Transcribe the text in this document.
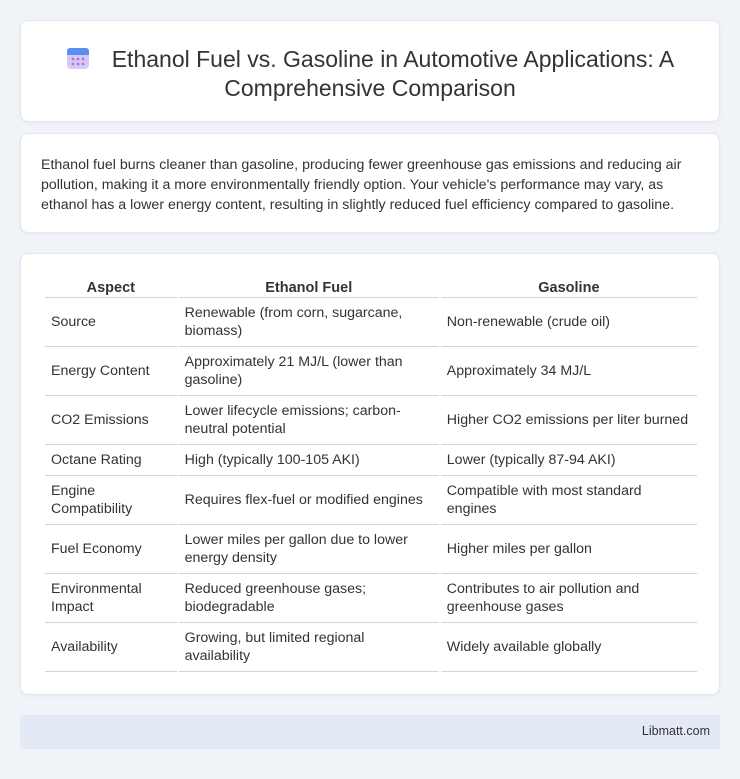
Ethanol Fuel vs. Gasoline in Automotive Applications: A Comprehensive Comparison

Ethanol fuel burns cleaner than gasoline, producing fewer greenhouse gas emissions and reducing air pollution, making it a more environmentally friendly option. Your vehicle's performance may vary, as ethanol has a lower energy content, resulting in slightly reduced fuel efficiency compared to gasoline.

Aspect	Ethanol Fuel	Gasoline
Source	Renewable (from corn, sugarcane, biomass)	Non-renewable (crude oil)
Energy Content	Approximately 21 MJ/L (lower than gasoline)	Approximately 34 MJ/L
CO2 Emissions	Lower lifecycle emissions; carbon-neutral potential	Higher CO2 emissions per liter burned
Octane Rating	High (typically 100-105 AKI)	Lower (typically 87-94 AKI)
Engine Compatibility	Requires flex-fuel or modified engines	Compatible with most standard engines
Fuel Economy	Lower miles per gallon due to lower energy density	Higher miles per gallon
Environmental Impact	Reduced greenhouse gases; biodegradable	Contributes to air pollution and greenhouse gases
Availability	Growing, but limited regional availability	Widely available globally
Libmatt.com
